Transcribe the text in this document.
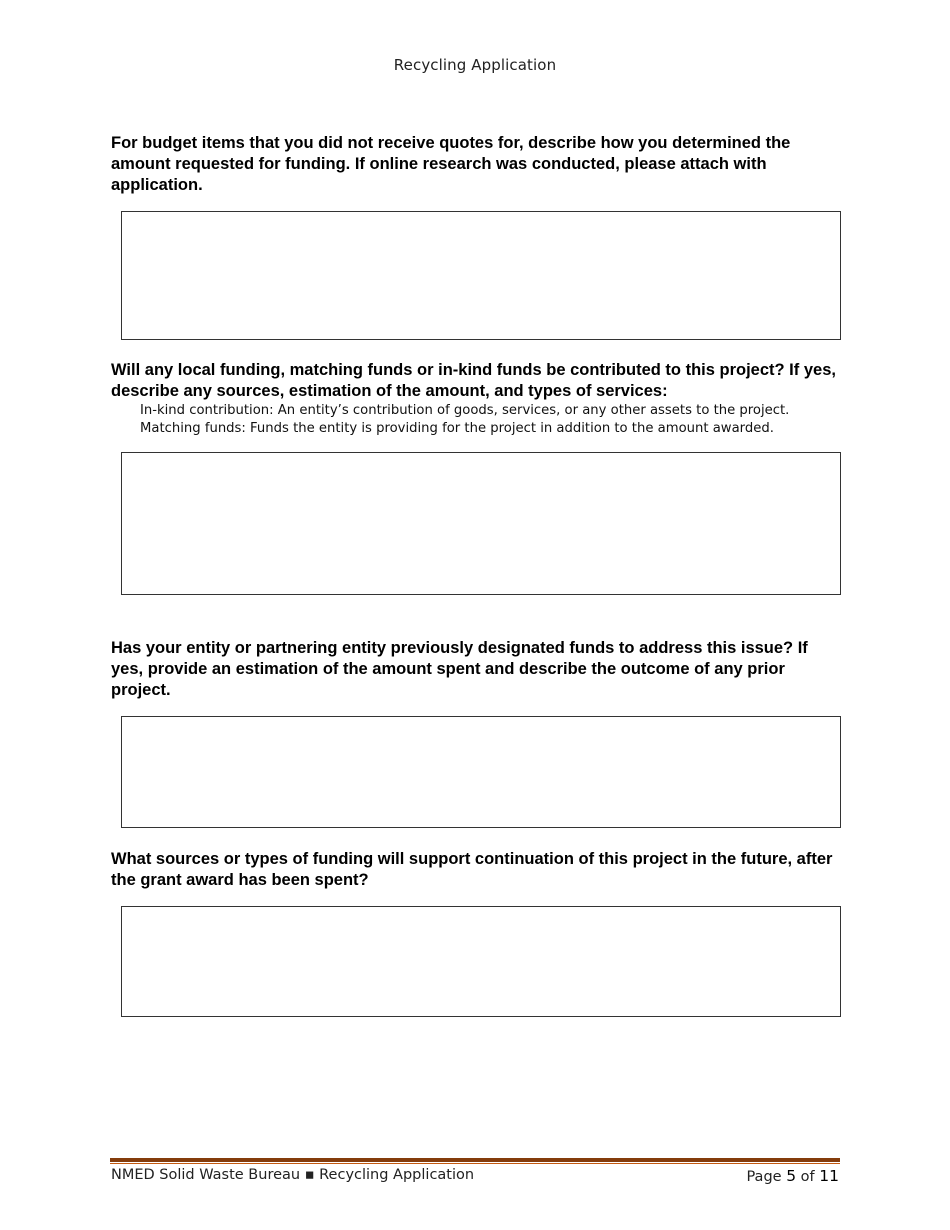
Recycling Application
For budget items that you did not receive quotes for, describe how you determined the amount requested for funding. If online research was conducted, please attach with application.
Will any local funding, matching funds or in-kind funds be contributed to this project? If yes, describe any sources, estimation of the amount, and types of services:
In-kind contribution: An entity’s contribution of goods, services, or any other assets to the project.
Matching funds: Funds the entity is providing for the project in addition to the amount awarded.
Has your entity or partnering entity previously designated funds to address this issue? If yes, provide an estimation of the amount spent and describe the outcome of any prior project.
What sources or types of funding will support continuation of this project in the future, after the grant award has been spent?
NMED Solid Waste Bureau ▪ Recycling Application	Page 5 of 11
